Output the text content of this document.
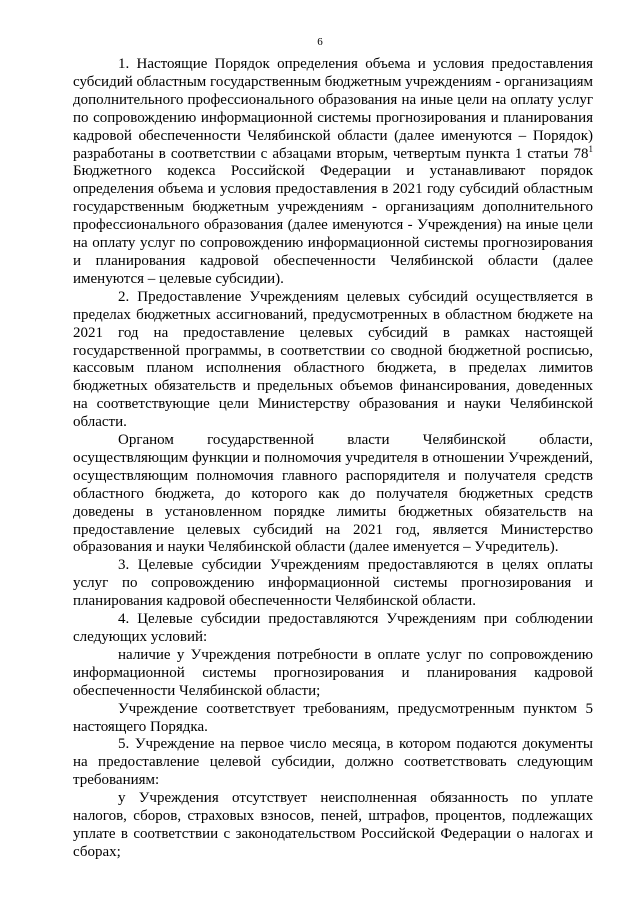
6

1. Настоящие Порядок определения объема и условия предоставления субсидий областным государственным бюджетным учреждениям - организациям дополнительного профессионального образования на иные цели на оплату услуг по сопровождению информационной системы прогнозирования и планирования кадровой обеспеченности Челябинской области (далее именуются – Порядок) разработаны в соответствии с абзацами вторым, четвертым пункта 1 статьи $78^1$ Бюджетного кодекса Российской Федерации и устанавливают порядок определения объема и условия предоставления в 2021 году субсидий областным государственным бюджетным учреждениям - организациям дополнительного профессионального образования (далее именуются - Учреждения) на иные цели на оплату услуг по сопровождению информационной системы прогнозирования и планирования кадровой обеспеченности Челябинской области (далее именуются – целевые субсидии).

2. Предоставление Учреждениям целевых субсидий осуществляется в пределах бюджетных ассигнований, предусмотренных в областном бюджете на 2021 год на предоставление целевых субсидий в рамках настоящей государственной программы, в соответствии со сводной бюджетной росписью, кассовым планом исполнения областного бюджета, в пределах лимитов бюджетных обязательств и предельных объемов финансирования, доведенных на соответствующие цели Министерству образования и науки Челябинской области.

Органом государственной власти Челябинской области, осуществляющим функции и полномочия учредителя в отношении Учреждений, осуществляющим полномочия главного распорядителя и получателя средств областного бюджета, до которого как до получателя бюджетных средств доведены в установленном порядке лимиты бюджетных обязательств на предоставление целевых субсидий на 2021 год, является Министерство образования и науки Челябинской области (далее именуется – Учредитель).

3. Целевые субсидии Учреждениям предоставляются в целях оплаты услуг по сопровождению информационной системы прогнозирования и планирования кадровой обеспеченности Челябинской области.

4. Целевые субсидии предоставляются Учреждениям при соблюдении следующих условий:

наличие у Учреждения потребности в оплате услуг по сопровождению информационной системы прогнозирования и планирования кадровой обеспеченности Челябинской области;

Учреждение соответствует требованиям, предусмотренным пунктом 5 настоящего Порядка.

5. Учреждение на первое число месяца, в котором подаются документы на предоставление целевой субсидии, должно соответствовать следующим требованиям:

у Учреждения отсутствует неисполненная обязанность по уплате налогов, сборов, страховых взносов, пеней, штрафов, процентов, подлежащих уплате в соответствии с законодательством Российской Федерации о налогах и сборах;
